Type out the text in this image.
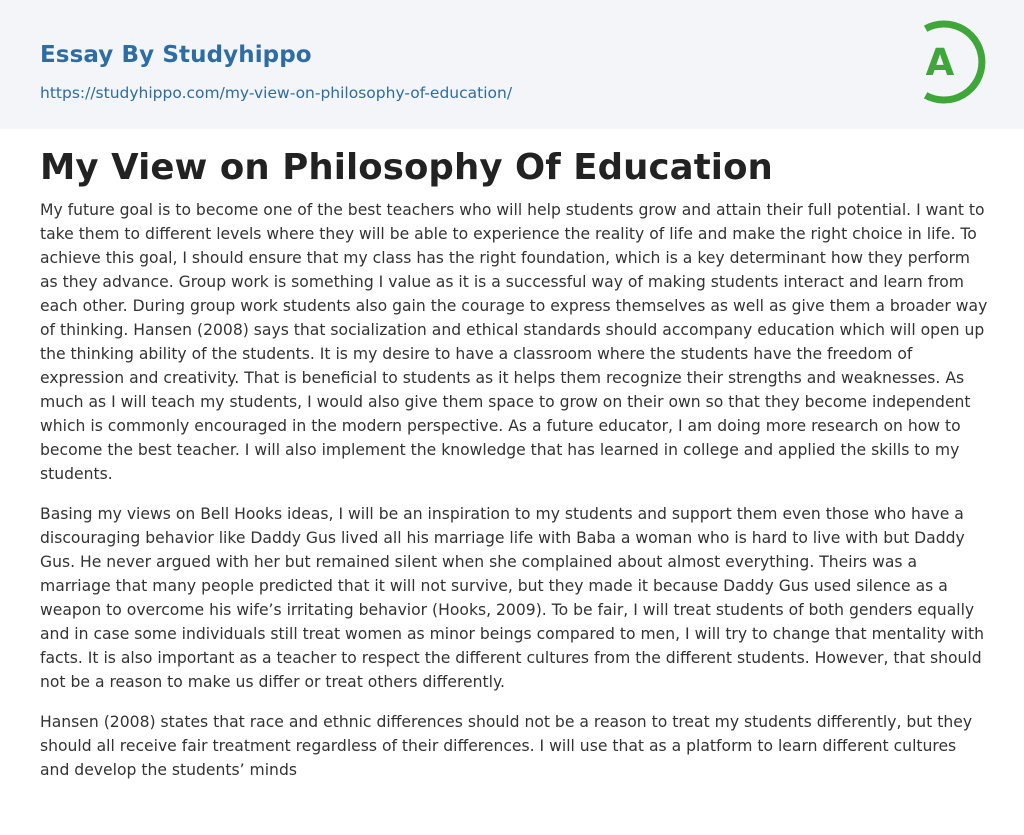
Essay By Studyhippo
https://studyhippo.com/my-view-on-philosophy-of-education/
A
My View on Philosophy Of Education

My future goal is to become one of the best teachers who will help students grow and attain their full potential. I want to take them to different levels where they will be able to experience the reality of life and make the right choice in life. To achieve this goal, I should ensure that my class has the right foundation, which is a key determinant how they perform as they advance. Group work is something I value as it is a successful way of making students interact and learn from each other. During group work students also gain the courage to express themselves as well as give them a broader way of thinking. Hansen (2008) says that socialization and ethical standards should accompany education which will open up the thinking ability of the students. It is my desire to have a classroom where the students have the freedom of expression and creativity. That is beneficial to students as it helps them recognize their strengths and weaknesses. As much as I will teach my students, I would also give them space to grow on their own so that they become independent which is commonly encouraged in the modern perspective. As a future educator, I am doing more research on how to become the best teacher. I will also implement the knowledge that has learned in college and applied the skills to my students.

Basing my views on Bell Hooks ideas, I will be an inspiration to my students and support them even those who have a discouraging behavior like Daddy Gus lived all his marriage life with Baba a woman who is hard to live with but Daddy Gus. He never argued with her but remained silent when she complained about almost everything. Theirs was a marriage that many people predicted that it will not survive, but they made it because Daddy Gus used silence as a weapon to overcome his wife’s irritating behavior (Hooks, 2009). To be fair, I will treat students of both genders equally and in case some individuals still treat women as minor beings compared to men, I will try to change that mentality with facts. It is also important as a teacher to respect the different cultures from the different students. However, that should not be a reason to make us differ or treat others differently.

Hansen (2008) states that race and ethnic differences should not be a reason to treat my students differently, but they should all receive fair treatment regardless of their differences. I will use that as a platform to learn different cultures and develop the students’ minds
